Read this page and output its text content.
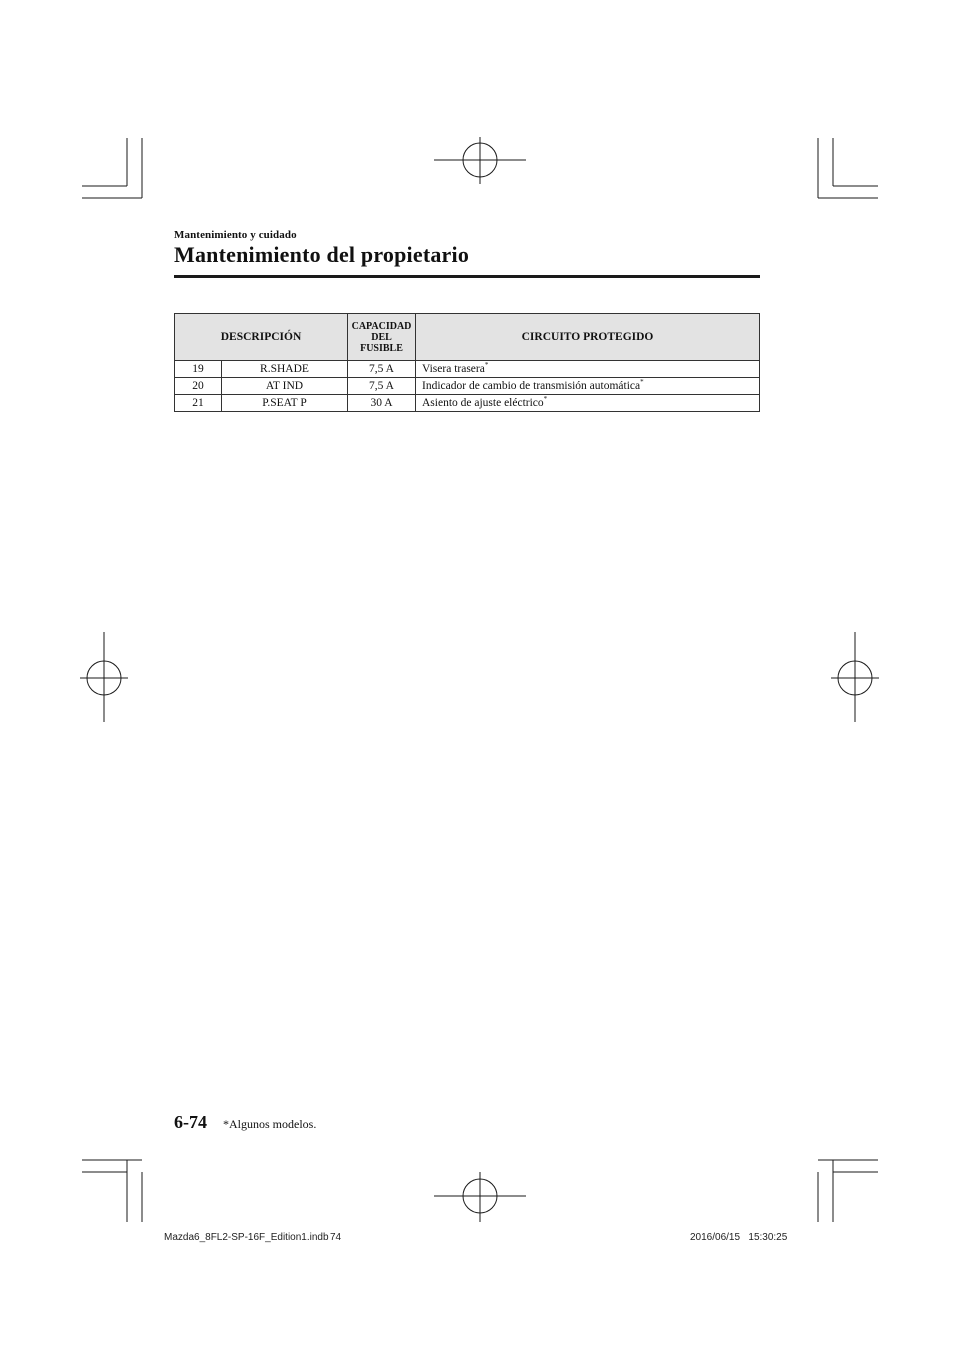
Mantenimiento y cuidado
Mantenimiento del propietario
DESCRIPCIÓN		CAPACIDAD
DEL
FUSIBLE	CIRCUITO PROTEGIDO
19	R.SHADE	7,5 A	Visera trasera*
20	AT IND	7,5 A	Indicador de cambio de transmisión automática*
21	P.SEAT P	30 A	Asiento de ajuste eléctrico*
6-74 *Algunos modelos.
Mazda6_8FL2-SP-16F_Edition1.indb 74	2016/06/15   15:30:25
